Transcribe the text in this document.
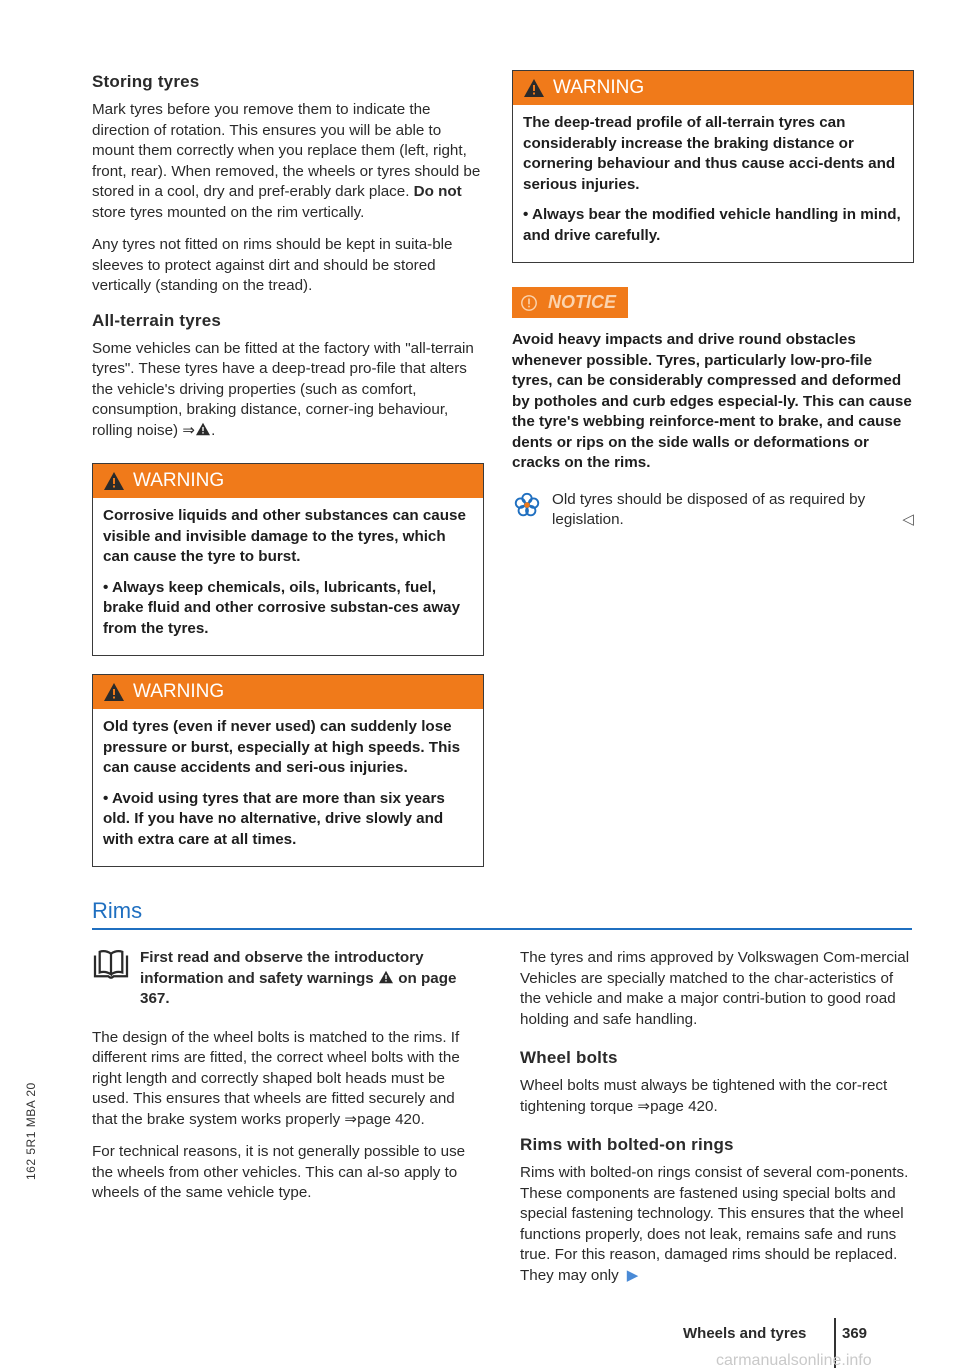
Storing tyres

Mark tyres before you remove them to indicate the direction of rotation. This ensures you will be able to mount them correctly when you replace them (left, right, front, rear). When removed, the wheels or tyres should be stored in a cool, dry and pref-erably dark place. Do not store tyres mounted on the rim vertically.

Any tyres not fitted on rims should be kept in suita-ble sleeves to protect against dirt and should be stored vertically (standing on the tread).

All-terrain tyres

Some vehicles can be fitted at the factory with "all-terrain tyres". These tyres have a deep-tread pro-file that alters the vehicle's driving properties (such as comfort, consumption, braking distance, corner-ing behaviour, rolling noise) ⇒ .

WARNING

Corrosive liquids and other substances can cause visible and invisible damage to the tyres, which can cause the tyre to burst.

• Always keep chemicals, oils, lubricants, fuel, brake fluid and other corrosive substan-ces away from the tyres.

WARNING

Old tyres (even if never used) can suddenly lose pressure or burst, especially at high speeds. This can cause accidents and seri-ous injuries.

• Avoid using tyres that are more than six years old. If you have no alternative, drive slowly and with extra care at all times.

WARNING

The deep-tread profile of all-terrain tyres can considerably increase the braking distance or cornering behaviour and thus cause acci-dents and serious injuries.

• Always bear the modified vehicle handling in mind, and drive carefully.

NOTICE

Avoid heavy impacts and drive round obstacles whenever possible. Tyres, particularly low-pro-file tyres, can be considerably compressed and deformed by potholes and curb edges especial-ly. This can cause the tyre's webbing reinforce-ment to brake, and cause dents or rips on the side walls or deformations or cracks on the rims.

Old tyres should be disposed of as required by legislation.	◁

Rims
First read and observe the introductory information and safety warnings  on page 367.

The design of the wheel bolts is matched to the rims. If different rims are fitted, the correct wheel bolts with the right length and correctly shaped bolt heads must be used. This ensures that wheels are fitted securely and that the brake system works properly ⇒page 420.

For technical reasons, it is not generally possible to use the wheels from other vehicles. This can al-so apply to wheels of the same vehicle type.

The tyres and rims approved by Volkswagen Com-mercial Vehicles are specially matched to the char-acteristics of the vehicle and make a major contri-bution to good road holding and safe handling.

Wheel bolts

Wheel bolts must always be tightened with the cor-rect tightening torque ⇒page 420.

Rims with bolted-on rings

Rims with bolted-on rings consist of several com-ponents. These components are fastened using special bolts and special fastening technology. This ensures that the wheel functions properly, does not leak, remains safe and runs true. For this reason, damaged rims should be replaced. They may only ▶

162 5R1 MBA 20
Wheels and tyres 369
carmanualsonline.info
